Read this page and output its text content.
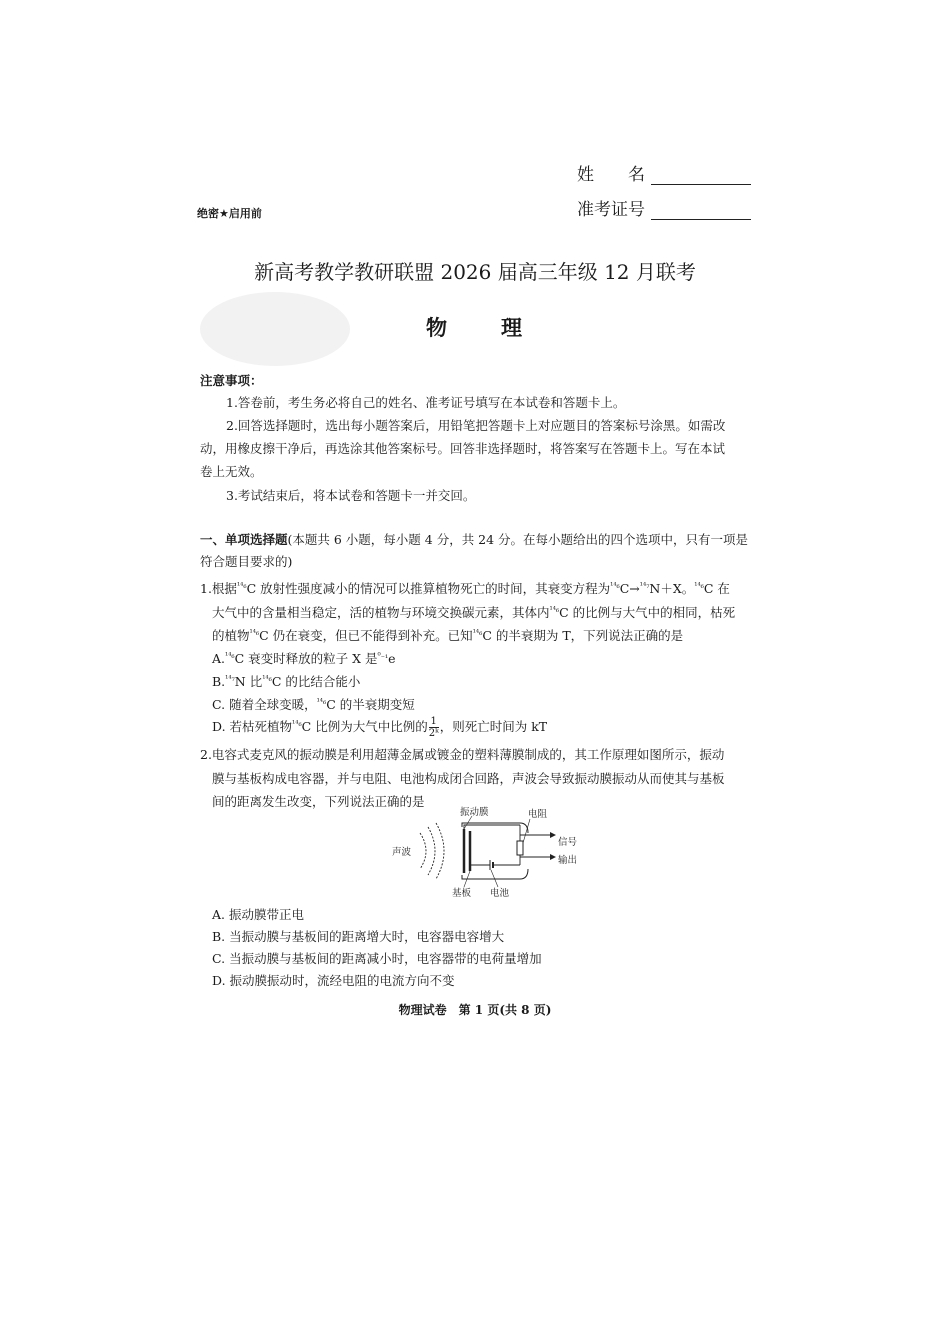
姓　　名
准考证号
绝密★启用前
新高考教学教研联盟 2026 届高三年级 12 月联考
物 理
注意事项：
1.答卷前，考生务必将自己的姓名、准考证号填写在本试卷和答题卡上。
2.回答选择题时，选出每小题答案后，用铅笔把答题卡上对应题目的答案标号涂黑。如需改
动，用橡皮擦干净后，再选涂其他答案标号。回答非选择题时，将答案写在答题卡上。写在本试
卷上无效。
3.考试结束后，将本试卷和答题卡一并交回。
一、单项选择题(本题共 6 小题，每小题 4 分，共 24 分。在每小题给出的四个选项中，只有一项是
符合题目要求的)
1.根据$^{^{14}_6}$C 放射性强度减小的情况可以推算植物死亡的时间，其衰变方程为$^{^{14}_6}$C→$^{^{14}_7}$N＋X。$^{^{14}_6}$C 在
大气中的含量相当稳定，活的植物与环境交换碳元素，其体内$^{^{14}_6}$C 的比例与大气中的相同，枯死
的植物$^{^{14}_6}$C 仍在衰变，但已不能得到补充。已知$^{^{14}_6}$C 的半衰期为 T，下列说法正确的是
A.$^{^{14}_6}$C 衰变时释放的粒子 X 是$^{^0_{-1}}$e
B.$^{^{14}_7}$N 比$^{^{14}_6}$C 的比结合能小
C. 随着全球变暖，$^{^{14}_6}$C 的半衰期变短
D. 若枯死植物$^{^{14}_6}$C 比例为大气中比例的 $\frac{1}{\text{2ᵏ}}$ ，则死亡时间为 kT
2.电容式麦克风的振动膜是利用超薄金属或镀金的塑料薄膜制成的，其工作原理如图所示，振动
膜与基板构成电容器，并与电阻、电池构成闭合回路，声波会导致振动膜振动从而使其与基板
间的距离发生改变，下列说法正确的是
振动膜	电阻
声波
信号
输出
基板 电池
A. 振动膜带正电
B. 当振动膜与基板间的距离增大时，电容器电容增大
C. 当振动膜与基板间的距离减小时，电容器带的电荷量增加
D. 振动膜振动时，流经电阻的电流方向不变
物理试卷　第 1 页(共 8 页)
